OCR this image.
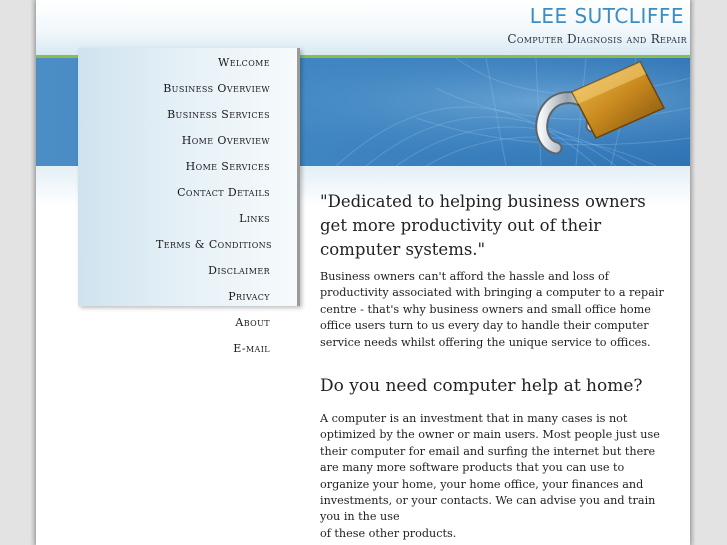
LEE SUTCLIFFE
Computer Diagnosis and Repair
Welcome
Business Overview
Business Services
Home Overview
Home Services
Contact Details
Links
Terms & Conditions
Disclaimer
Privacy
About
E-mail

"Dedicated to helping business owners get more productivity out of their computer systems."

Business owners can't afford the hassle and loss of productivity associated with bringing a computer to a repair centre - that's why business owners and small office home office users turn to us every day to handle their computer service needs whilst offering the unique service to offices.

Do you need computer help at home?

A computer is an investment that in many cases is not optimized by the owner or main users. Most people just use their computer for email and surfing the internet but there are many more software products that you can use to organize your home, your home office, your finances and investments, or your contacts. We can advise you and train you in the use
of these other products.
